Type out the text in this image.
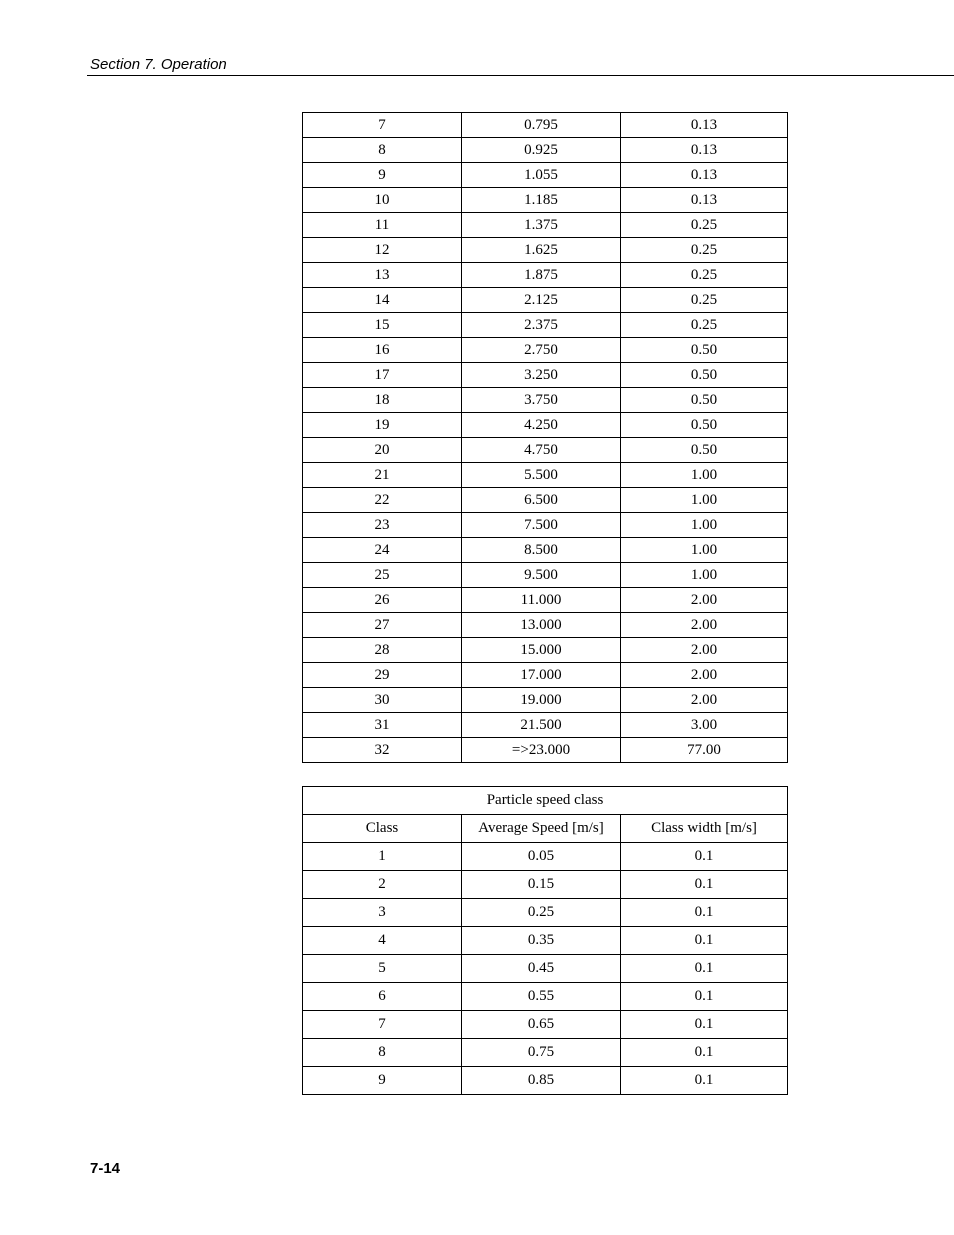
Section 7. Operation
7	0.795	0.13
8	0.925	0.13
9	1.055	0.13
10	1.185	0.13
11	1.375	0.25
12	1.625	0.25
13	1.875	0.25
14	2.125	0.25
15	2.375	0.25
16	2.750	0.50
17	3.250	0.50
18	3.750	0.50
19	4.250	0.50
20	4.750	0.50
21	5.500	1.00
22	6.500	1.00
23	7.500	1.00
24	8.500	1.00
25	9.500	1.00
26	11.000	2.00
27	13.000	2.00
28	15.000	2.00
29	17.000	2.00
30	19.000	2.00
31	21.500	3.00
32	=>23.000	77.00
Particle speed class		
Class	Average Speed [m/s]	Class width [m/s]
1	0.05	0.1
2	0.15	0.1
3	0.25	0.1
4	0.35	0.1
5	0.45	0.1
6	0.55	0.1
7	0.65	0.1
8	0.75	0.1
9	0.85	0.1
7-14
